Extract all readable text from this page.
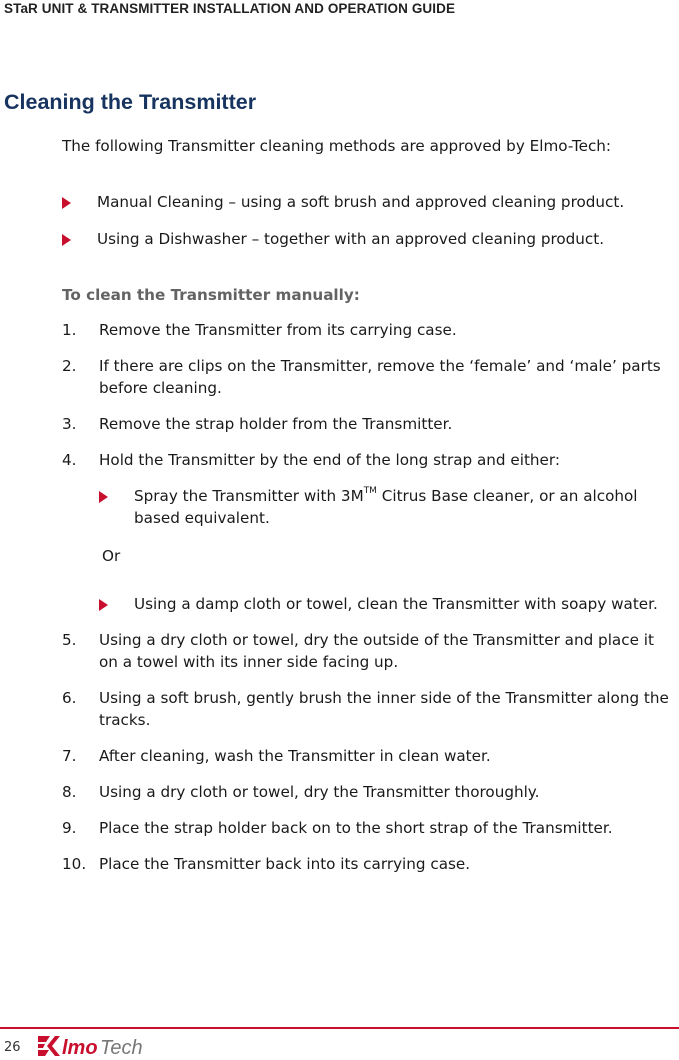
STaR UNIT & TRANSMITTER INSTALLATION AND OPERATION GUIDE
Cleaning the Transmitter

The following Transmitter cleaning methods are approved by Elmo-Tech:

Manual Cleaning – using a soft brush and approved cleaning product.
Using a Dishwasher – together with an approved cleaning product.

To clean the Transmitter manually:

1. Remove the Transmitter from its carrying case.
2. If there are clips on the Transmitter, remove the ‘female’ and ‘male’ parts before cleaning.
3. Remove the strap holder from the Transmitter.
4. Hold the Transmitter by the end of the long strap and either:
Spray the Transmitter with 3M™ Citrus Base cleaner, or an alcohol based equivalent.

Or

Using a damp cloth or towel, clean the Transmitter with soapy water.
5. Using a dry cloth or towel, dry the outside of the Transmitter and place it on a towel with its inner side facing up.
6. Using a soft brush, gently brush the inner side of the Transmitter along the tracks.
7. After cleaning, wash the Transmitter in clean water.
8. Using a dry cloth or towel, dry the Transmitter thoroughly.
9. Place the strap holder back on to the short strap of the Transmitter.
10. Place the Transmitter back into its carrying case.
26 lmo Tech
